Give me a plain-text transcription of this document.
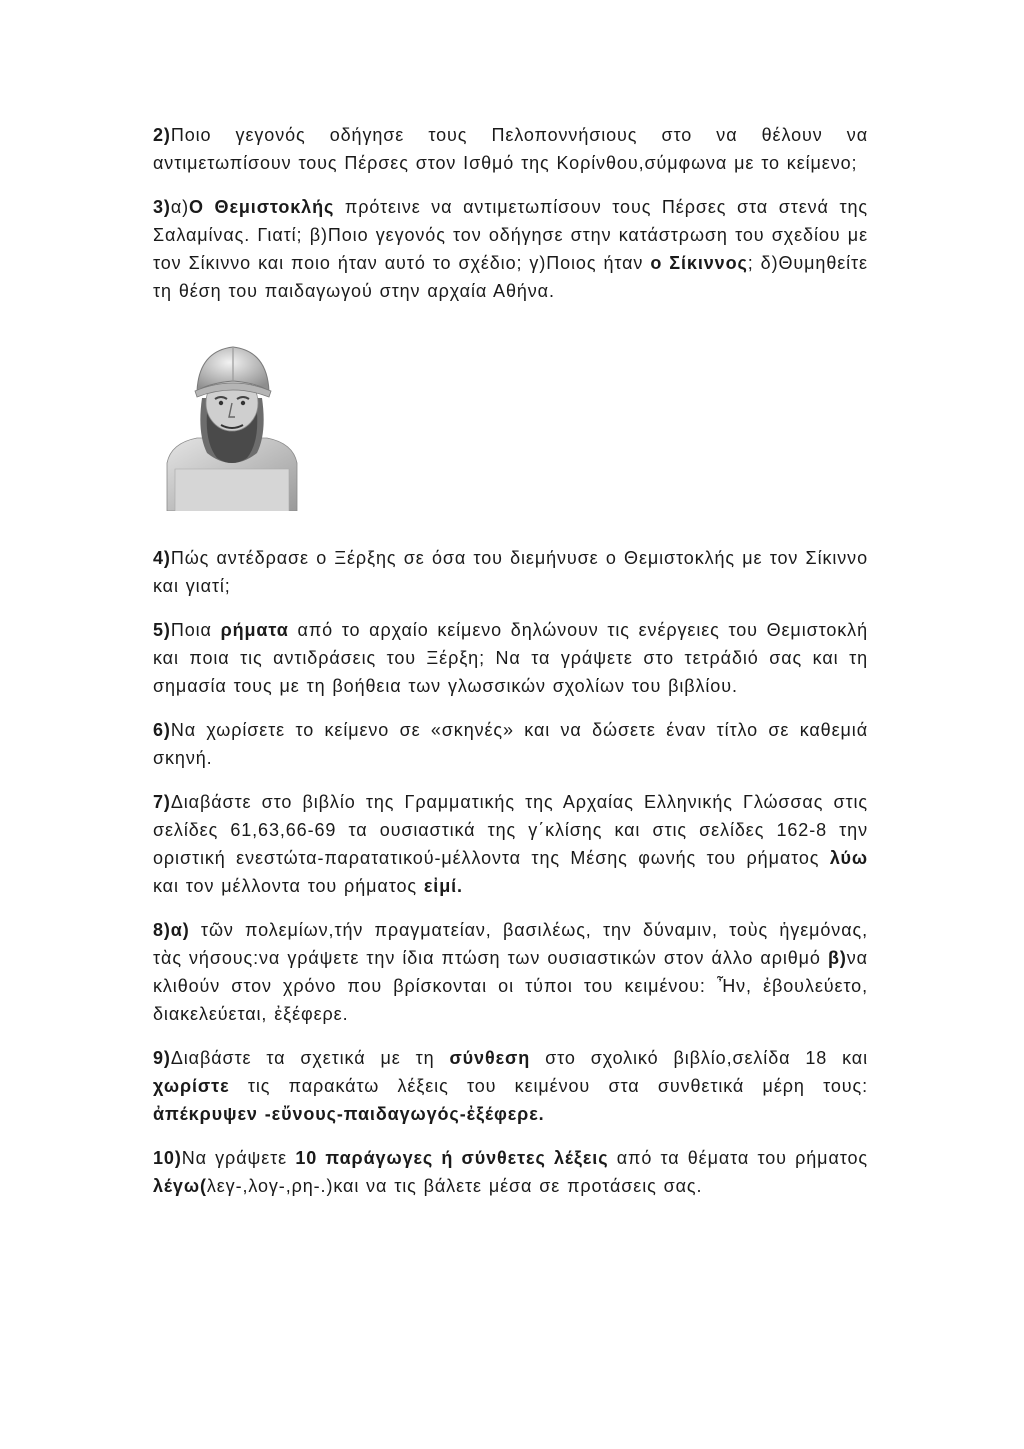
2)Ποιο γεγονός οδήγησε τους Πελοποννήσιους στο να θέλουν να αντιμετωπίσουν τους Πέρσες στον Ισθμό της Κορίνθου,σύμφωνα με το κείμενο;

3)α)Ο Θεμιστοκλής πρότεινε να αντιμετωπίσουν τους Πέρσες στα στενά της Σαλαμίνας. Γιατί; β)Ποιο γεγονός τον οδήγησε στην κατάστρωση του σχεδίου με τον Σίκιννο και ποιο ήταν αυτό το σχέδιο; γ)Ποιος ήταν ο Σίκιννος; δ)Θυμηθείτε τη θέση του παιδαγωγού στην αρχαία Αθήνα.

4)Πώς αντέδρασε ο Ξέρξης σε όσα του διεμήνυσε ο Θεμιστοκλής με τον Σίκιννο και γιατί;

5)Ποια ρήματα από το αρχαίο κείμενο δηλώνουν τις ενέργειες του Θεμιστοκλή και ποια τις αντιδράσεις του Ξέρξη; Να τα γράψετε στο τετράδιό σας και τη σημασία τους με τη βοήθεια των γλωσσικών σχολίων του βιβλίου.

6)Να χωρίσετε το κείμενο σε «σκηνές» και να δώσετε έναν τίτλο σε καθεμιά σκηνή.

7)Διαβάστε στο βιβλίο της Γραμματικής της Αρχαίας Ελληνικής Γλώσσας στις σελίδες 61,63,66-69 τα ουσιαστικά της γ΄κλίσης και στις σελίδες 162-8 την οριστική ενεστώτα-παρατατικού-μέλλοντα της Μέσης φωνής του ρήματος λύω και τον μέλλοντα του ρήματος εἰμί.

8)α) τῶν πολεμίων,τήν πραγματείαν, βασιλέως, την δύναμιν, τοὺς ἡγεμόνας, τὰς νήσους:να γράψετε την ίδια πτώση των ουσιαστικών στον άλλο αριθμό β)να κλιθούν στον χρόνο που βρίσκονται οι τύποι του κειμένου: Ἦν, ἐβουλεύετο, διακελεύεται, ἐξέφερε.

9)Διαβάστε τα σχετικά με τη σύνθεση στο σχολικό βιβλίο,σελίδα 18 και χωρίστε τις παρακάτω λέξεις του κειμένου στα συνθετικά μέρη τους: ἀπέκρυψεν -εὔνους-παιδαγωγός-ἐξέφερε.

10)Να γράψετε 10 παράγωγες ή σύνθετες λέξεις από τα θέματα του ρήματος λέγω(λεγ-,λογ-,ρη-.)και να τις βάλετε μέσα σε προτάσεις σας.
